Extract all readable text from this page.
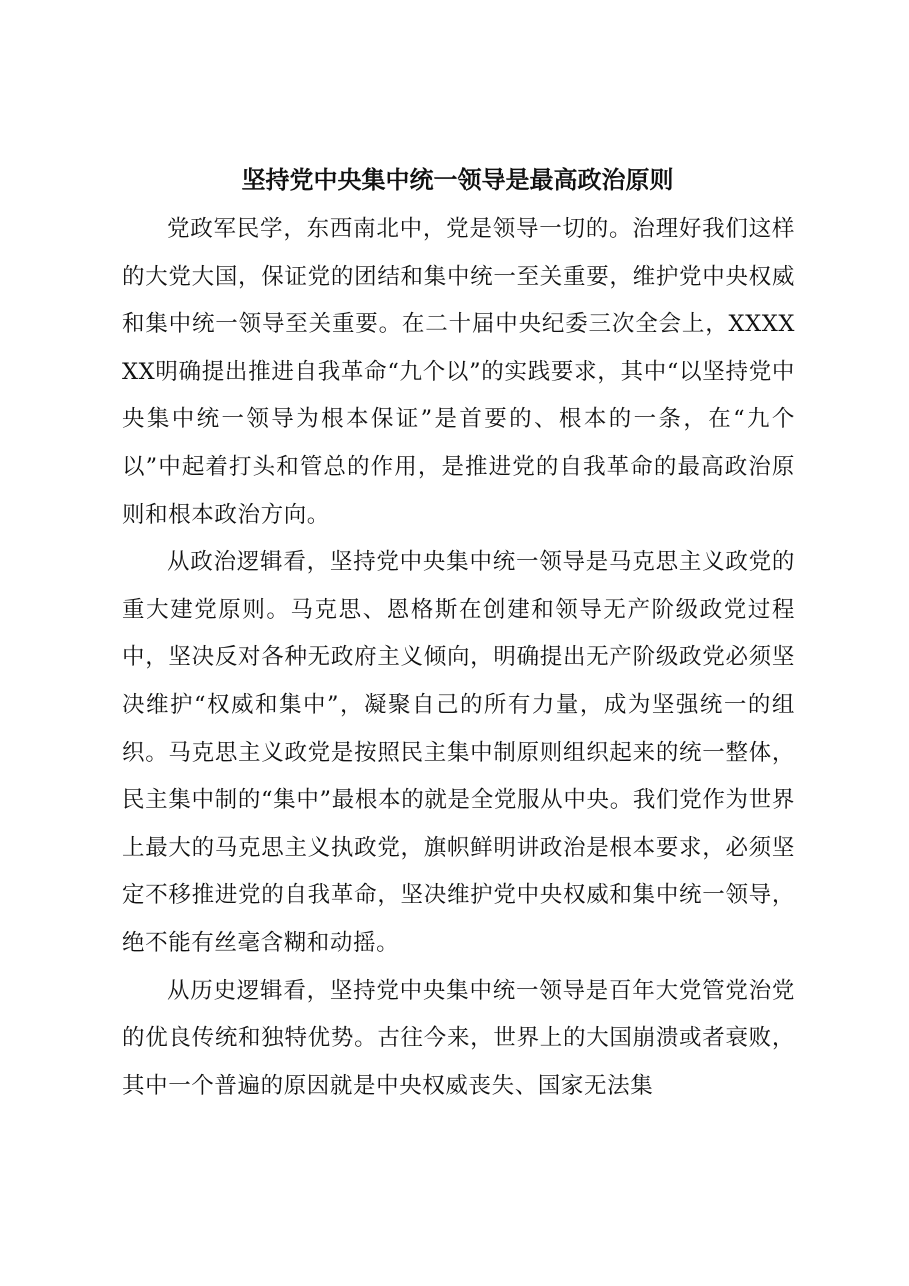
坚持党中央集中统一领导是最高政治原则

党政军民学，东西南北中，党是领导一切的。治理好我们这样的大党大国，保证党的团结和集中统一至关重要，维护党中央权威和集中统一领导至关重要。在二十届中央纪委三次全会上，XXXXXX明确提出推进自我革命“九个以”的实践要求，其中“以坚持党中央集中统一领导为根本保证”是首要的、根本的一条，在“九个以”中起着打头和管总的作用，是推进党的自我革命的最高政治原则和根本政治方向。

从政治逻辑看，坚持党中央集中统一领导是马克思主义政党的重大建党原则。马克思、恩格斯在创建和领导无产阶级政党过程中，坚决反对各种无政府主义倾向，明确提出无产阶级政党必须坚决维护“权威和集中”，凝聚自己的所有力量，成为坚强统一的组织。马克思主义政党是按照民主集中制原则组织起来的统一整体，民主集中制的“集中”最根本的就是全党服从中央。我们党作为世界上最大的马克思主义执政党，旗帜鲜明讲政治是根本要求，必须坚定不移推进党的自我革命，坚决维护党中央权威和集中统一领导，绝不能有丝毫含糊和动摇。

从历史逻辑看，坚持党中央集中统一领导是百年大党管党治党的优良传统和独特优势。古往今来，世界上的大国崩溃或者衰败，其中一个普遍的原因就是中央权威丧失、国家无法集
